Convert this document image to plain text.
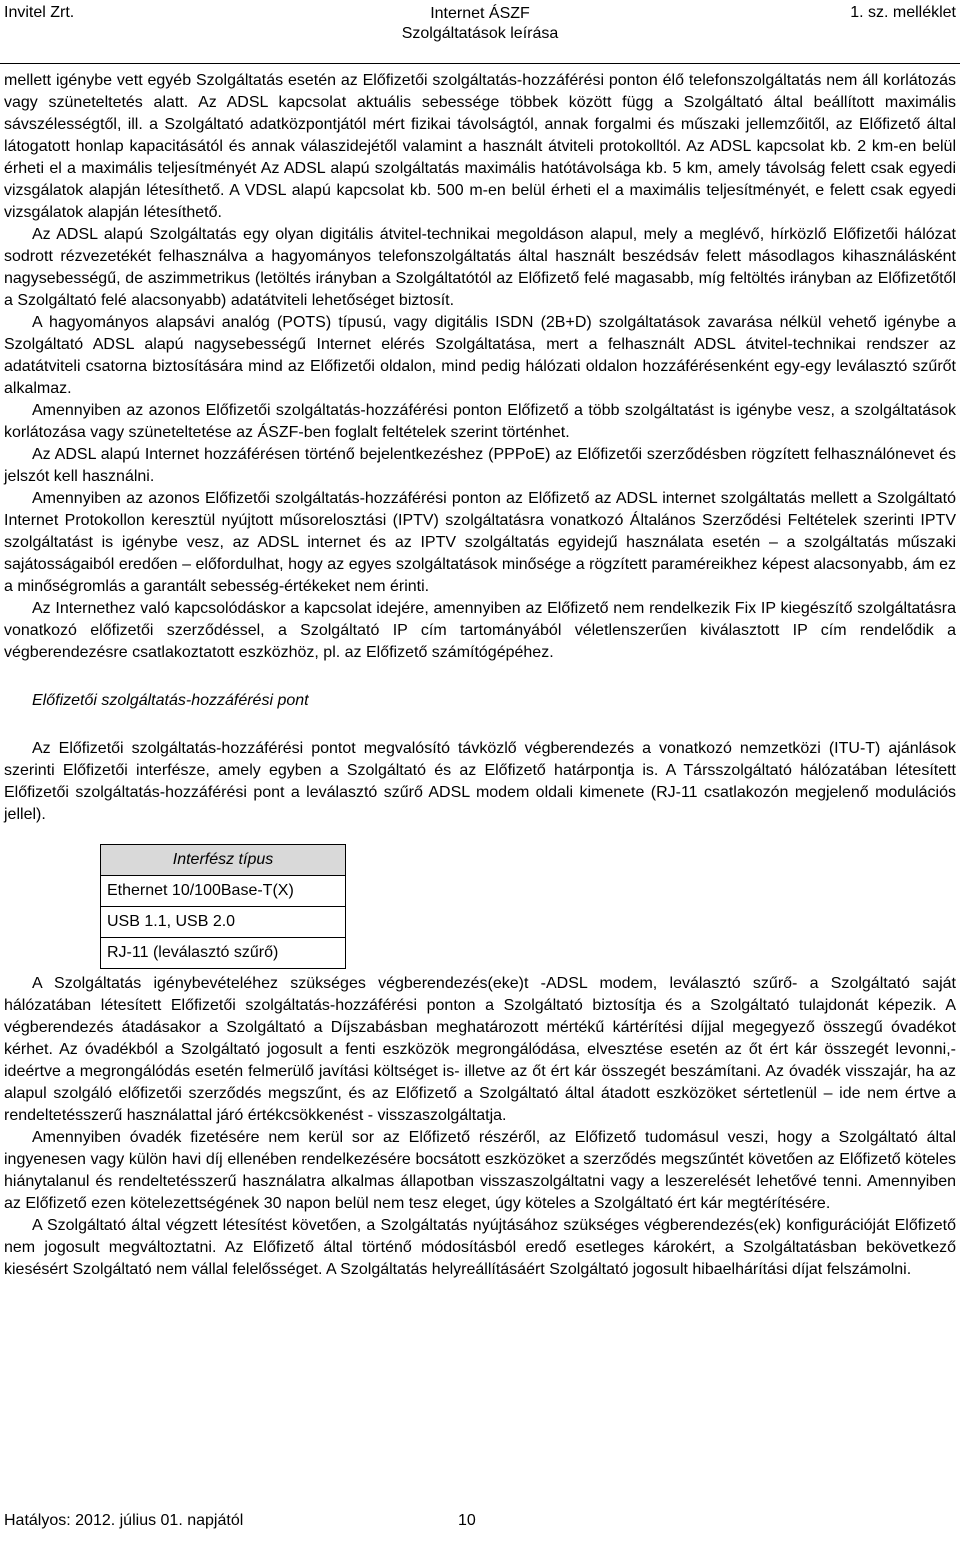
Invitel Zrt.	Internet ÁSZF
Szolgáltatások leírása
1. sz. melléklet

mellett igénybe vett egyéb Szolgáltatás esetén az Előfizetői szolgáltatás-hozzáférési ponton élő telefonszolgáltatás nem áll korlátozás vagy szüneteltetés alatt. Az ADSL kapcsolat aktuális sebessége többek között függ a Szolgáltató által beállított maximális sávszélességtől, ill. a Szolgáltató adatközpontjától mért fizikai távolságtól, annak forgalmi és műszaki jellemzőitől, az Előfizető által látogatott honlap kapacitásától és annak válaszidejétől valamint a használt átviteli protokolltól. Az ADSL kapcsolat kb. 2 km-en belül érheti el a maximális teljesítményét Az ADSL alapú szolgáltatás maximális hatótávolsága kb. 5 km, amely távolság felett csak egyedi vizsgálatok alapján létesíthető. A VDSL alapú kapcsolat kb. 500 m-en belül érheti el a maximális teljesítményét, e felett csak egyedi vizsgálatok alapján létesíthető.

Az ADSL alapú Szolgáltatás egy olyan digitális átvitel-technikai megoldáson alapul, mely a meglévő, hírközlő Előfizetői hálózat sodrott rézvezetékét felhasználva a hagyományos telefonszolgáltatás által használt beszédsáv felett másodlagos kihasználásként nagysebességű, de aszimmetrikus (letöltés irányban a Szolgáltatótól az Előfizető felé magasabb, míg feltöltés irányban az Előfizetőtől a Szolgáltató felé alacsonyabb) adatátviteli lehetőséget biztosít.

A hagyományos alapsávi analóg (POTS) típusú, vagy digitális ISDN (2B+D) szolgáltatások zavarása nélkül vehető igénybe a Szolgáltató ADSL alapú nagysebességű Internet elérés Szolgáltatása, mert a felhasznált ADSL átvitel-technikai rendszer az adatátviteli csatorna biztosítására mind az Előfizetői oldalon, mind pedig hálózati oldalon hozzáférésenként egy-egy leválasztó szűrőt alkalmaz.

Amennyiben az azonos Előfizetői szolgáltatás-hozzáférési ponton Előfizető a több szolgáltatást is igénybe vesz, a szolgáltatások korlátozása vagy szüneteltetése az ÁSZF-ben foglalt feltételek szerint történhet.

Az ADSL alapú Internet hozzáférésen történő bejelentkezéshez (PPPoE) az Előfizetői szerződésben rögzített felhasználónevet és jelszót kell használni.

Amennyiben az azonos Előfizetői szolgáltatás-hozzáférési ponton az Előfizető az ADSL internet szolgáltatás mellett a Szolgáltató Internet Protokollon keresztül nyújtott műsorelosztási (IPTV) szolgáltatásra vonatkozó Általános Szerződési Feltételek szerinti IPTV szolgáltatást is igénybe vesz, az ADSL internet és az IPTV szolgáltatás egyidejű használata esetén – a szolgáltatás műszaki sajátosságaiból eredően – előfordulhat, hogy az egyes szolgáltatások minősége a rögzített paraméreikhez képest alacsonyabb, ám ez a minőségromlás a garantált sebesség-értékeket nem érinti.

Az Internethez való kapcsolódáskor a kapcsolat idejére, amennyiben az Előfizető nem rendelkezik Fix IP kiegészítő szolgáltatásra vonatkozó előfizetői szerződéssel, a Szolgáltató IP cím tartományából véletlenszerűen kiválasztott IP cím rendelődik a végberendezésre csatlakoztatott eszközhöz, pl. az Előfizető számítógépéhez.

Előfizetői szolgáltatás-hozzáférési pont

Az Előfizetői szolgáltatás-hozzáférési pontot megvalósító távközlő végberendezés a vonatkozó nemzetközi (ITU-T) ajánlások szerinti Előfizetői interfésze, amely egyben a Szolgáltató és az Előfizető határpontja is. A Társszolgáltató hálózatában létesített Előfizetői szolgáltatás-hozzáférési pont a leválasztó szűrő ADSL modem oldali kimenete (RJ-11 csatlakozón megjelenő modulációs jellel).

Interfész típus
Ethernet 10/100Base-T(X)
USB 1.1, USB 2.0
RJ-11 (leválasztó szűrő)

A Szolgáltatás igénybevételéhez szükséges végberendezés(eke)t -ADSL modem, leválasztó szűrő- a Szolgáltató saját hálózatában létesített Előfizetői szolgáltatás-hozzáférési ponton a Szolgáltató biztosítja és a Szolgáltató tulajdonát képezik. A végberendezés átadásakor a Szolgáltató a Díjszabásban meghatározott mértékű kártérítési díjjal megegyező összegű óvadékot kérhet. Az óvadékból a Szolgáltató jogosult a fenti eszközök megrongálódása, elvesztése esetén az őt ért kár összegét levonni,- ideértve a megrongálódás esetén felmerülő javítási költséget is- illetve az őt ért kár összegét beszámítani. Az óvadék visszajár, ha az alapul szolgáló előfizetői szerződés megszűnt, és az Előfizető a Szolgáltató által átadott eszközöket sértetlenül – ide nem értve a rendeltetésszerű használattal járó értékcsökkenést - visszaszolgáltatja.

Amennyiben óvadék fizetésére nem kerül sor az Előfizető részéről, az Előfizető tudomásul veszi, hogy a Szolgáltató által ingyenesen vagy külön havi díj ellenében rendelkezésére bocsátott eszközöket a szerződés megszűntét követően az Előfizető köteles hiánytalanul és rendeltetésszerű használatra alkalmas állapotban visszaszolgáltatni vagy a leszerelését lehetővé tenni. Amennyiben az Előfizető ezen kötelezettségének 30 napon belül nem tesz eleget, úgy köteles a Szolgáltató ért kár megtérítésére.

A Szolgáltató által végzett létesítést követően, a Szolgáltatás nyújtásához szükséges végberendezés(ek) konfigurációját Előfizető nem jogosult megváltoztatni. Az Előfizető által történő módosításból eredő esetleges károkért, a Szolgáltatásban bekövetkező kiesésért Szolgáltató nem vállal felelősséget. A Szolgáltatás helyreállításáért Szolgáltató jogosult hibaelhárítási díjat felszámolni.

Hatályos: 2012. július 01. napjától	10
